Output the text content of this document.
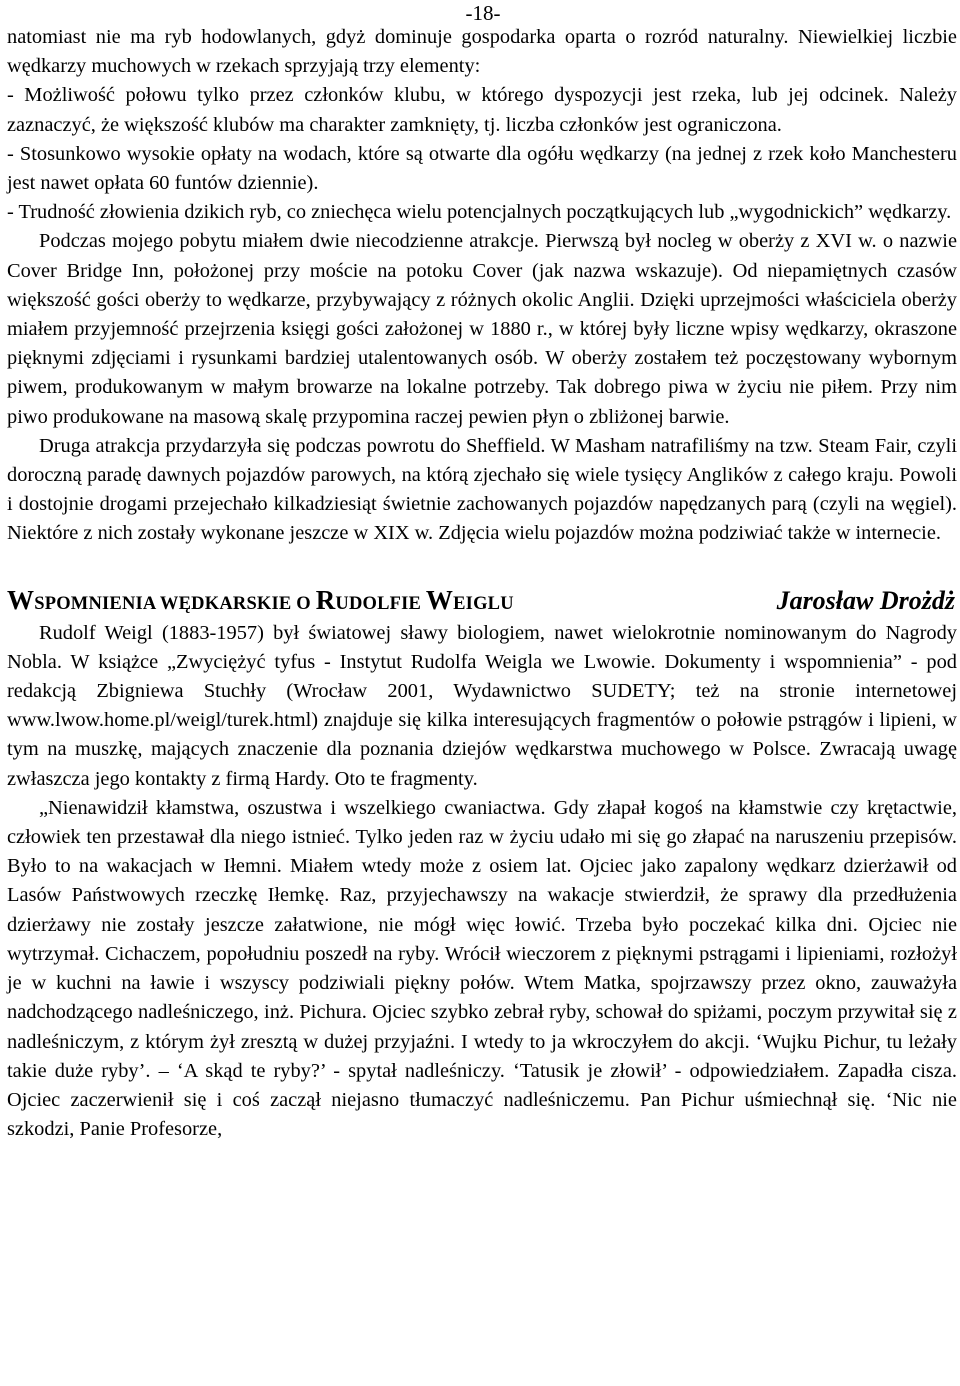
-18-

natomiast nie ma ryb hodowlanych, gdyż dominuje gospodarka oparta o rozród naturalny. Niewielkiej liczbie wędkarzy muchowych w rzekach sprzyjają trzy elementy:

- Możliwość połowu tylko przez członków klubu, w którego dyspozycji jest rzeka, lub jej odcinek. Należy zaznaczyć, że większość klubów ma charakter zamknięty, tj. liczba członków jest ograniczona.

- Stosunkowo wysokie opłaty na wodach, które są otwarte dla ogółu wędkarzy (na jednej z rzek koło Manchesteru jest nawet opłata 60 funtów dziennie).

- Trudność złowienia dzikich ryb, co zniechęca wielu potencjalnych początkujących lub „wygodnickich” wędkarzy.

Podczas mojego pobytu miałem dwie niecodzienne atrakcje. Pierwszą był nocleg w oberży z XVI w. o nazwie Cover Bridge Inn, położonej przy moście na potoku Cover (jak nazwa wskazuje). Od niepamiętnych czasów większość gości oberży to wędkarze, przybywający z różnych okolic Anglii. Dzięki uprzejmości właściciela oberży miałem przyjemność przejrzenia księgi gości założonej w 1880 r., w której były liczne wpisy wędkarzy, okraszone pięknymi zdjęciami i rysunkami bardziej utalentowanych osób. W oberży zostałem też poczęstowany wybornym piwem, produkowanym w małym browarze na lokalne potrzeby. Tak dobrego piwa w życiu nie piłem. Przy nim piwo produkowane na masową skalę przypomina raczej pewien płyn o zbliżonej barwie.

Druga atrakcja przydarzyła się podczas powrotu do Sheffield. W Masham natrafiliśmy na tzw. Steam Fair, czyli doroczną paradę dawnych pojazdów parowych, na którą zjechało się wiele tysięcy Anglików z całego kraju. Powoli i dostojnie drogami przejechało kilkadziesiąt świetnie zachowanych pojazdów napędzanych parą (czyli na węgiel). Niektóre z nich zostały wykonane jeszcze w XIX w. Zdjęcia wielu pojazdów można podziwiać także w internecie.

WSPOMNIENIA WĘDKARSKIE O RUDOLFIE WEIGLU	Jarosław Drożdż

Rudolf Weigl (1883-1957) był światowej sławy biologiem, nawet wielokrotnie nominowanym do Nagrody Nobla. W książce „Zwyciężyć tyfus - Instytut Rudolfa Weigla we Lwowie. Dokumenty i wspomnienia” - pod redakcją Zbigniewa Stuchły (Wrocław 2001, Wydawnictwo SUDETY; też na stronie internetowej www.lwow.home.pl/weigl/turek.html) znajduje się kilka interesujących fragmentów o połowie pstrągów i lipieni, w tym na muszkę, mających znaczenie dla poznania dziejów wędkarstwa muchowego w Polsce. Zwracają uwagę zwłaszcza jego kontakty z firmą Hardy. Oto te fragmenty.

„Nienawidził kłamstwa, oszustwa i wszelkiego cwaniactwa. Gdy złapał kogoś na kłamstwie czy krętactwie, człowiek ten przestawał dla niego istnieć. Tylko jeden raz w życiu udało mi się go złapać na naruszeniu przepisów. Było to na wakacjach w Iłemni. Miałem wtedy może z osiem lat. Ojciec jako zapalony wędkarz dzierżawił od Lasów Państwowych rzeczkę Iłemkę. Raz, przyjechawszy na wakacje stwierdził, że sprawy dla przedłużenia dzierżawy nie zostały jeszcze załatwione, nie mógł więc łowić. Trzeba było poczekać kilka dni. Ojciec nie wytrzymał. Cichaczem, popołudniu poszedł na ryby. Wrócił wieczorem z pięknymi pstrągami i lipieniami, rozłożył je w kuchni na ławie i wszyscy podziwiali piękny połów. Wtem Matka, spojrzawszy przez okno, zauważyła nadchodzącego nadleśniczego, inż. Pichura. Ojciec szybko zebrał ryby, schował do spiżami, poczym przywitał się z nadleśniczym, z którym żył zresztą w dużej przyjaźni. I wtedy to ja wkroczyłem do akcji. ‘Wujku Pichur, tu leżały takie duże ryby’. – ‘A skąd te ryby?’ - spytał nadleśniczy. ‘Tatusik je złowił’ - odpowiedziałem. Zapadła cisza. Ojciec zaczerwienił się i coś zaczął niejasno tłumaczyć nadleśniczemu. Pan Pichur uśmiechnął się. ‘Nic nie szkodzi, Panie Profesorze,
